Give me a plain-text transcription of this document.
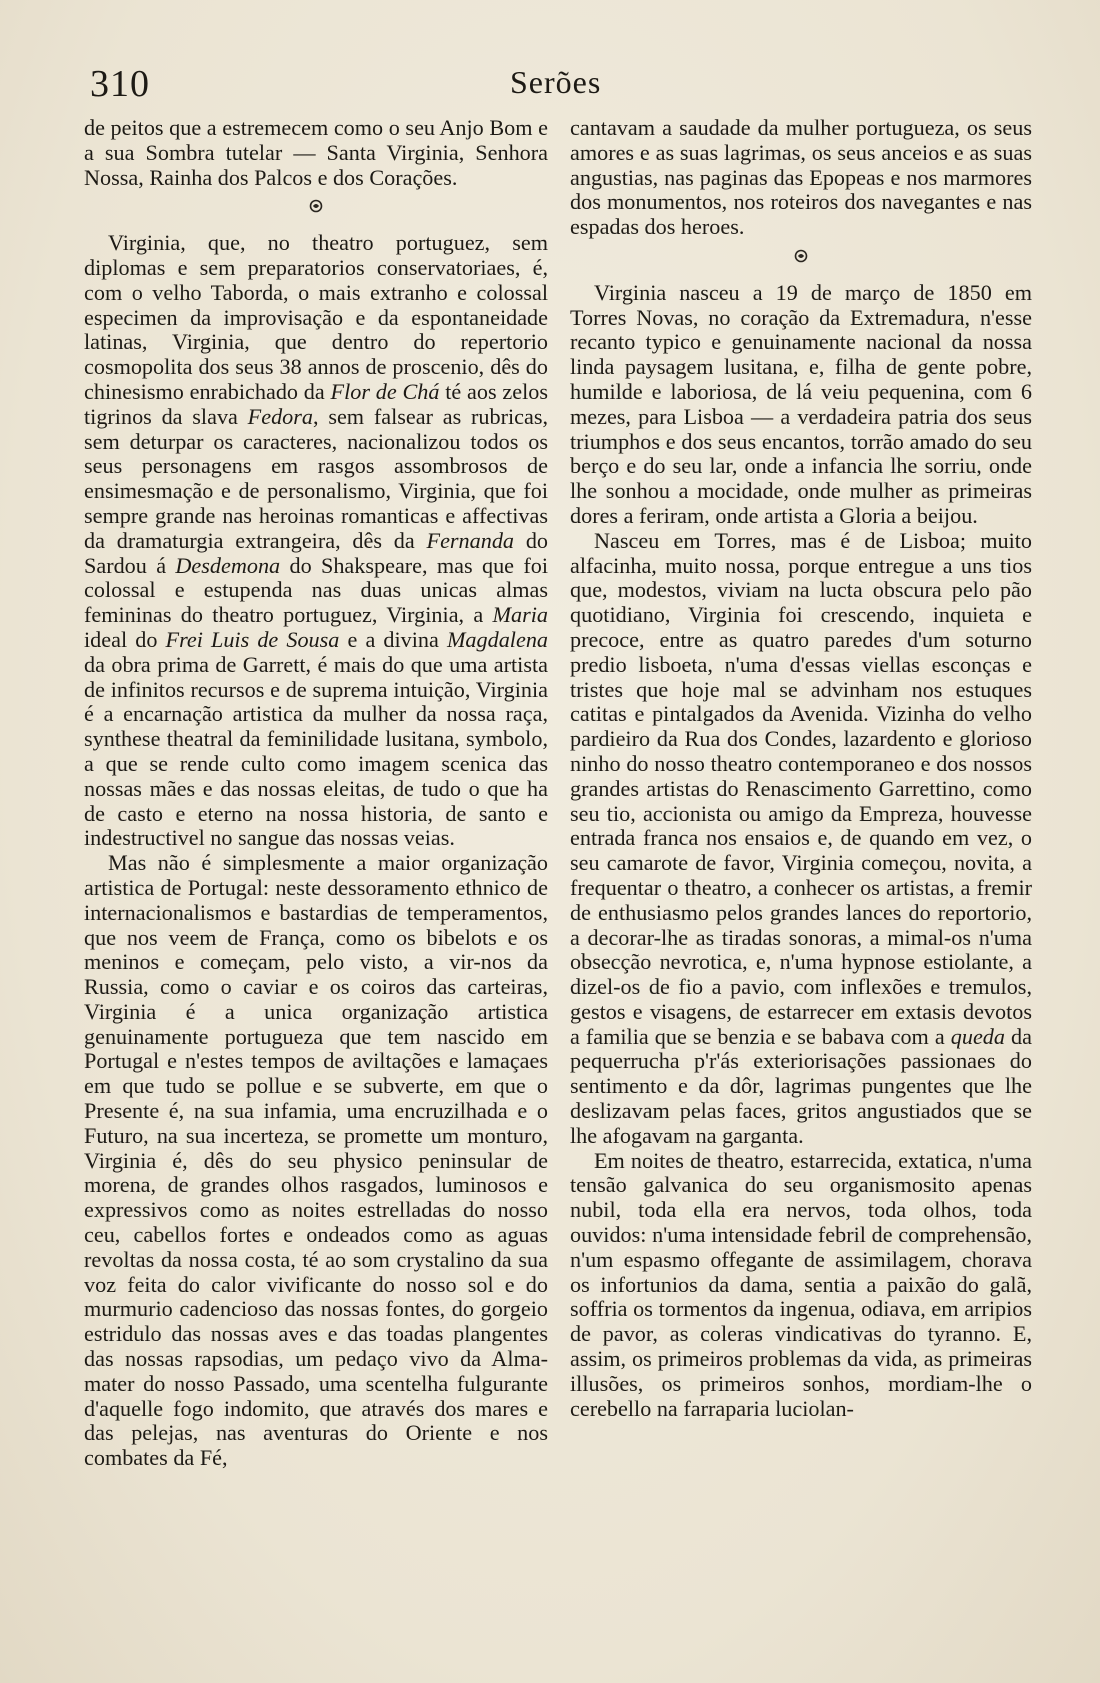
310	Serões

de peitos que a estremecem como o seu Anjo Bom e a sua Sombra tutelar — Santa Virginia, Senhora Nossa, Rainha dos Palcos e dos Corações.

Virginia, que, no theatro portuguez, sem diplomas e sem preparatorios conservatoriaes, é, com o velho Taborda, o mais extranho e colossal especimen da improvisação e da espontaneidade latinas, Virginia, que dentro do repertorio cosmopolita dos seus 38 annos de proscenio, dês do chinesismo enrabichado da Flor de Chá té aos zelos tigrinos da slava Fedora, sem falsear as rubricas, sem deturpar os caracteres, nacionalizou todos os seus personagens em rasgos assombrosos de ensimesmação e de personalismo, Virginia, que foi sempre grande nas heroinas romanticas e affectivas da dramaturgia extrangeira, dês da Fernanda do Sardou á Desdemona do Shakspeare, mas que foi colossal e estupenda nas duas unicas almas femininas do theatro portuguez, Virginia, a Maria ideal do Frei Luis de Sousa e a divina Magdalena da obra prima de Garrett, é mais do que uma artista de infinitos recursos e de suprema intuição, Virginia é a encarnação artistica da mulher da nossa raça, synthese theatral da feminilidade lusitana, symbolo, a que se rende culto como imagem scenica das nossas mães e das nossas eleitas, de tudo o que ha de casto e eterno na nossa historia, de santo e indestructivel no sangue das nossas veias.

Mas não é simplesmente a maior organização artistica de Portugal: neste dessoramento ethnico de internacionalismos e bastardias de temperamentos, que nos veem de França, como os bibelots e os meninos e começam, pelo visto, a vir-nos da Russia, como o caviar e os coiros das carteiras, Virginia é a unica organização artistica genuinamente portugueza que tem nascido em Portugal e n'estes tempos de aviltações e lamaçaes em que tudo se pollue e se subverte, em que o Presente é, na sua infamia, uma encruzilhada e o Futuro, na sua incerteza, se promette um monturo, Virginia é, dês do seu physico peninsular de morena, de grandes olhos rasgados, luminosos e expressivos como as noites estrelladas do nosso ceu, cabellos fortes e ondeados como as aguas revoltas da nossa costa, té ao som crystalino da sua voz feita do calor vivificante do nosso sol e do murmurio cadencioso das nossas fontes, do gorgeio estridulo das nossas aves e das toadas plangentes das nossas rapsodias, um pedaço vivo da Alma-mater do nosso Passado, uma scentelha fulgurante d'aquelle fogo indomito, que através dos mares e das pelejas, nas aventuras do Oriente e nos combates da Fé,

cantavam a saudade da mulher portugueza, os seus amores e as suas lagrimas, os seus anceios e as suas angustias, nas paginas das Epopeas e nos marmores dos monumentos, nos roteiros dos navegantes e nas espadas dos heroes.

Virginia nasceu a 19 de março de 1850 em Torres Novas, no coração da Extremadura, n'esse recanto typico e genuinamente nacional da nossa linda paysagem lusitana, e, filha de gente pobre, humilde e laboriosa, de lá veiu pequenina, com 6 mezes, para Lisboa — a verdadeira patria dos seus triumphos e dos seus encantos, torrão amado do seu berço e do seu lar, onde a infancia lhe sorriu, onde lhe sonhou a mocidade, onde mulher as primeiras dores a feriram, onde artista a Gloria a beijou.

Nasceu em Torres, mas é de Lisboa; muito alfacinha, muito nossa, porque entregue a uns tios que, modestos, viviam na lucta obscura pelo pão quotidiano, Virginia foi crescendo, inquieta e precoce, entre as quatro paredes d'um soturno predio lisboeta, n'uma d'essas viellas esconças e tristes que hoje mal se advinham nos estuques catitas e pintalgados da Avenida. Vizinha do velho pardieiro da Rua dos Condes, lazardento e glorioso ninho do nosso theatro contemporaneo e dos nossos grandes artistas do Renascimento Garrettino, como seu tio, accionista ou amigo da Empreza, houvesse entrada franca nos ensaios e, de quando em vez, o seu camarote de favor, Virginia começou, novita, a frequentar o theatro, a conhecer os artistas, a fremir de enthusiasmo pelos grandes lances do reportorio, a decorar-lhe as tiradas sonoras, a mimal-os n'uma obsecção nevrotica, e, n'uma hypnose estiolante, a dizel-os de fio a pavio, com inflexões e tremulos, gestos e visagens, de estarrecer em extasis devotos a familia que se benzia e se babava com a queda da pequerrucha p'r'ás exteriorisações passionaes do sentimento e da dôr, lagrimas pungentes que lhe deslizavam pelas faces, gritos angustiados que se lhe afogavam na garganta.

Em noites de theatro, estarrecida, extatica, n'uma tensão galvanica do seu organismosito apenas nubil, toda ella era nervos, toda olhos, toda ouvidos: n'uma intensidade febril de comprehensão, n'um espasmo offegante de assimilagem, chorava os infortunios da dama, sentia a paixão do galã, soffria os tormentos da ingenua, odiava, em arripios de pavor, as coleras vindicativas do tyranno. E, assim, os primeiros problemas da vida, as primeiras illusões, os primeiros sonhos, mordiam-lhe o cerebello na farraparia luciolan-
